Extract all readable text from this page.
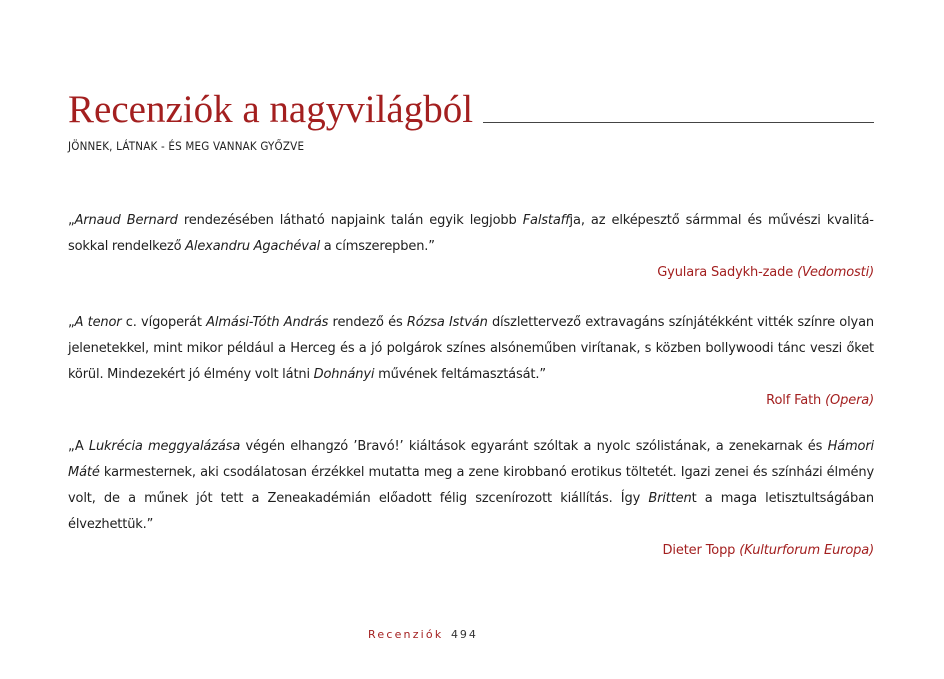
Recenziók a nagyvilágból
JÖNNEK, LÁTNAK - ÉS MEG VANNAK GYŐZVE

„Arnaud Bernard rendezésében látható napjaink talán egyik legjobb Falstaffja, az elképesztő sármmal és művészi kvalitásokkal rendelkező Alexandru Agachéval a címszerepben.”

Gyulara Sadykh-zade (Vedomosti)

„A tenor c. vígoperát Almási-Tóth András rendező és Rózsa István díszlettervező extravagáns színjátékként vitték színre olyan jelenetekkel, mint mikor például a Herceg és a jó polgárok színes alsóneműben virítanak, s közben bollywoodi tánc veszi őket körül. Mindezekért jó élmény volt látni Dohnányi művének feltámasztását.”

Rolf Fath (Opera)

„A Lukrécia meggyalázása végén elhangzó ’Bravó!’ kiáltások egyaránt szóltak a nyolc szólistának, a zenekarnak és Hámori Máté karmesternek, aki csodálatosan érzékkel mutatta meg a zene kirobbanó erotikus töltetét. Igazi zenei és színházi élmény volt, de a műnek jót tett a Zeneakadémián előadott félig szcenírozott kiállítás. Így Brittent a maga letisztultságában élvezhettük.”

Dieter Topp (Kulturforum Europa)
Recenziók 494
